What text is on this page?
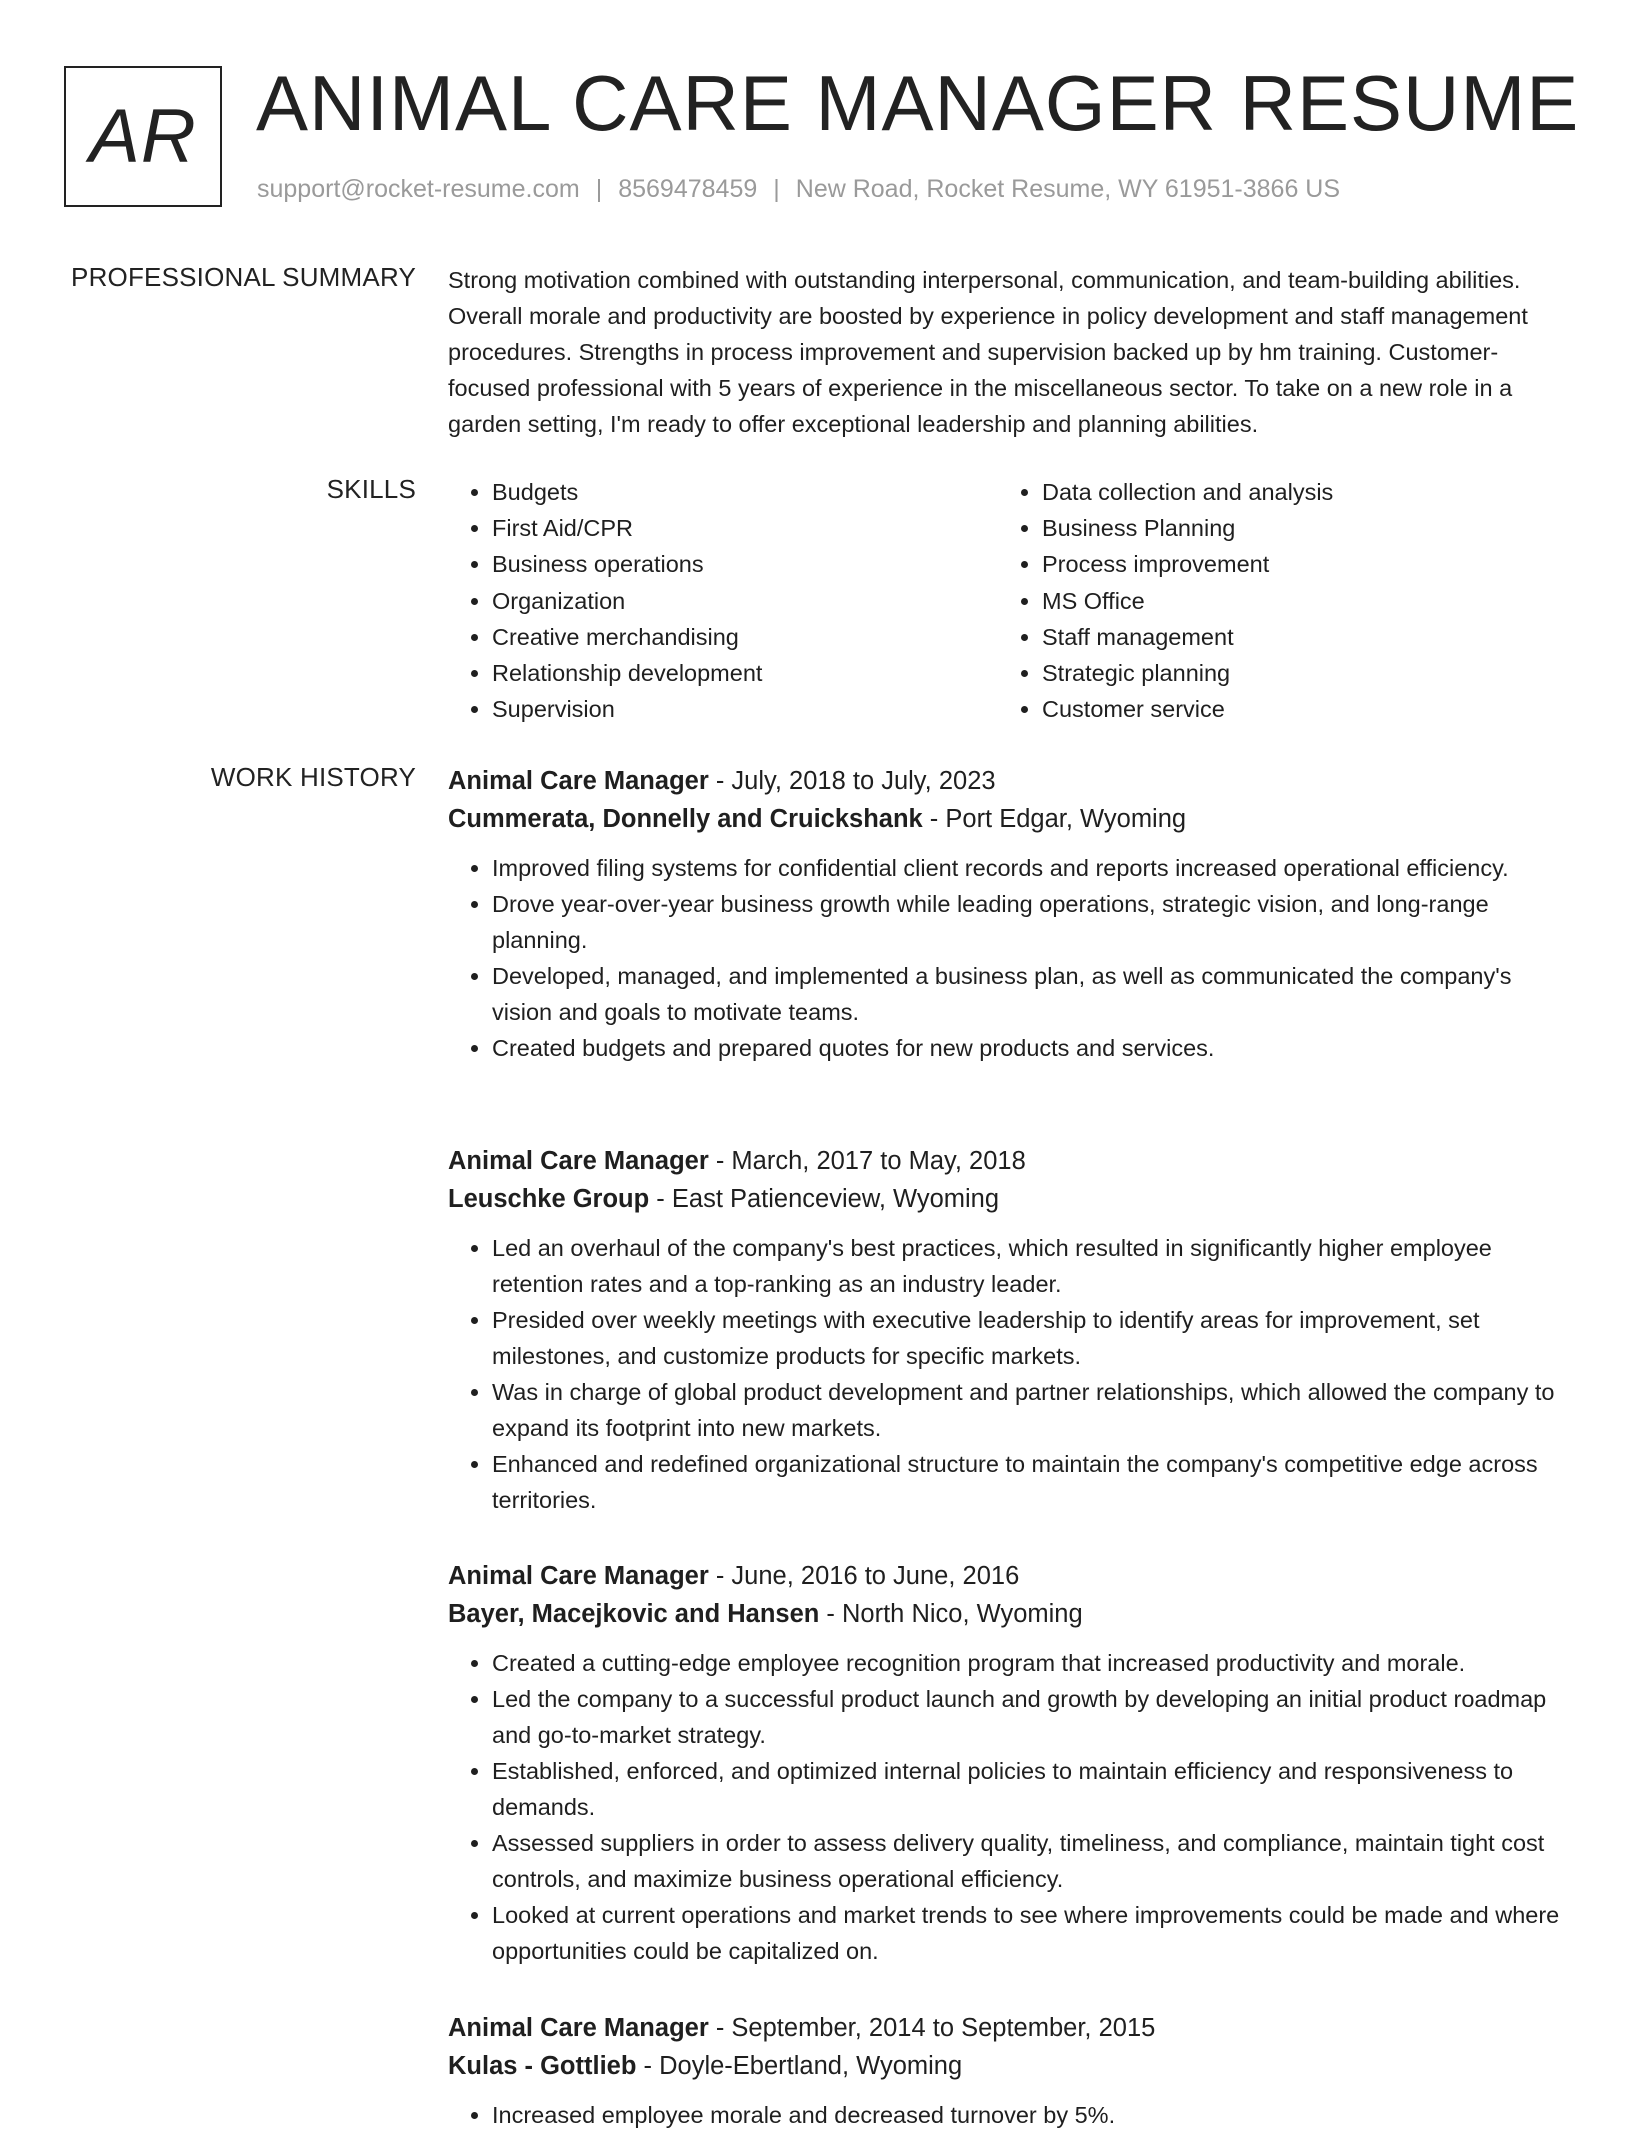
AR ANIMAL CARE MANAGER RESUME
support@rocket-resume.com | 8569478459 | New Road, Rocket Resume, WY 61951-3866 US
PROFESSIONAL SUMMARY Strong motivation combined with outstanding interpersonal, communication, and team-building abilities. Overall morale and productivity are boosted by experience in policy development and staff management procedures. Strengths in process improvement and supervision backed up by hm training. Customer-focused professional with 5 years of experience in the miscellaneous sector. To take on a new role in a garden setting, I'm ready to offer exceptional leadership and planning abilities.

SKILLS
•	Budgets
• First Aid/CPR
• Business operations
• Organization
• Creative merchandising
• Relationship development
• Supervision
• Data collection and analysis
• Business Planning
• Process improvement
• MS Office
• Staff management
• Strategic planning
• Customer service
WORK HISTORY Animal Care Manager - July, 2018 to July, 2023
Cummerata, Donnelly and Cruickshank - Port Edgar, Wyoming
• Improved filing systems for confidential client records and reports increased operational efficiency.
• Drove year-over-year business growth while leading operations, strategic vision, and long-range planning.
• Developed, managed, and implemented a business plan, as well as communicated the company's vision and goals to motivate teams.
• Created budgets and prepared quotes for new products and services.
Animal Care Manager - March, 2017 to May, 2018
Leuschke Group - East Patienceview, Wyoming
• Led an overhaul of the company's best practices, which resulted in significantly higher employee retention rates and a top-ranking as an industry leader.
• Presided over weekly meetings with executive leadership to identify areas for improvement, set milestones, and customize products for specific markets.
• Was in charge of global product development and partner relationships, which allowed the company to expand its footprint into new markets.
• Enhanced and redefined organizational structure to maintain the company's competitive edge across territories.
Animal Care Manager - June, 2016 to June, 2016
Bayer, Macejkovic and Hansen - North Nico, Wyoming
• Created a cutting-edge employee recognition program that increased productivity and morale.
• Led the company to a successful product launch and growth by developing an initial product roadmap and go-to-market strategy.
• Established, enforced, and optimized internal policies to maintain efficiency and responsiveness to demands.
• Assessed suppliers in order to assess delivery quality, timeliness, and compliance, maintain tight cost controls, and maximize business operational efficiency.
• Looked at current operations and market trends to see where improvements could be made and where opportunities could be capitalized on.
Animal Care Manager - September, 2014 to September, 2015
Kulas - Gottlieb - Doyle-Ebertland, Wyoming
• Increased employee morale and decreased turnover by 5%.
